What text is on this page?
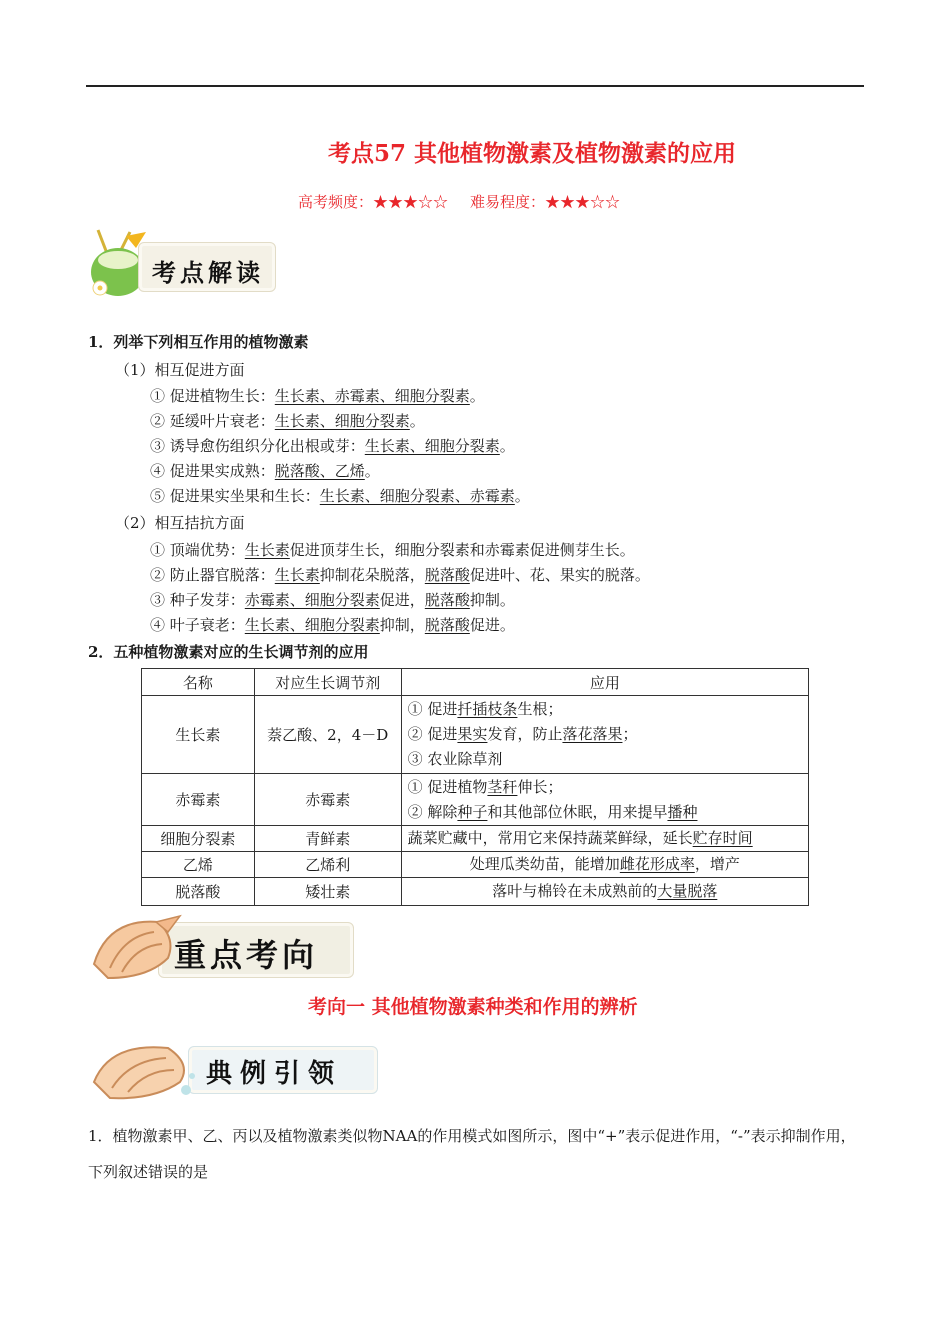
考点57 其他植物激素及植物激素的应用
高考频度：★★★☆☆ 难易程度：★★★☆☆
考点解读
1．列举下列相互作用的植物激素
（1）相互促进方面
① 促进植物生长：生长素、赤霉素、细胞分裂素。
② 延缓叶片衰老：生长素、细胞分裂素。
③ 诱导愈伤组织分化出根或芽：生长素、细胞分裂素。
④ 促进果实成熟：脱落酸、乙烯。
⑤ 促进果实坐果和生长：生长素、细胞分裂素、赤霉素。
（2）相互拮抗方面
① 顶端优势：生长素促进顶芽生长，细胞分裂素和赤霉素促进侧芽生长。
② 防止器官脱落：生长素抑制花朵脱落，脱落酸促进叶、花、果实的脱落。
③ 种子发芽：赤霉素、细胞分裂素促进，脱落酸抑制。
④ 叶子衰老：生长素、细胞分裂素抑制，脱落酸促进。
2．五种植物激素对应的生长调节剂的应用
名称	对应生长调节剂	应用
生长素	萘乙酸、2，4－D	① 促进扦插枝条生根；
② 促进果实发育，防止落花落果；
③ 农业除草剂

赤霉素	赤霉素	① 促进植物茎秆伸长；
② 解除种子和其他部位休眠，用来提早播种

细胞分裂素	青鲜素	蔬菜贮藏中，常用它来保持蔬菜鲜绿，延长贮存时间

乙烯	乙烯利	处理瓜类幼苗，能增加雌花形成率，增产

脱落酸	矮壮素	落叶与棉铃在未成熟前的大量脱落
重点考向
考向一 其他植物激素种类和作用的辨析
典例引领
1．植物激素甲、乙、丙以及植物激素类似物NAA的作用模式如图所示，图中“+”表示促进作用，“-”表示抑制作用，下列叙述错误的是
